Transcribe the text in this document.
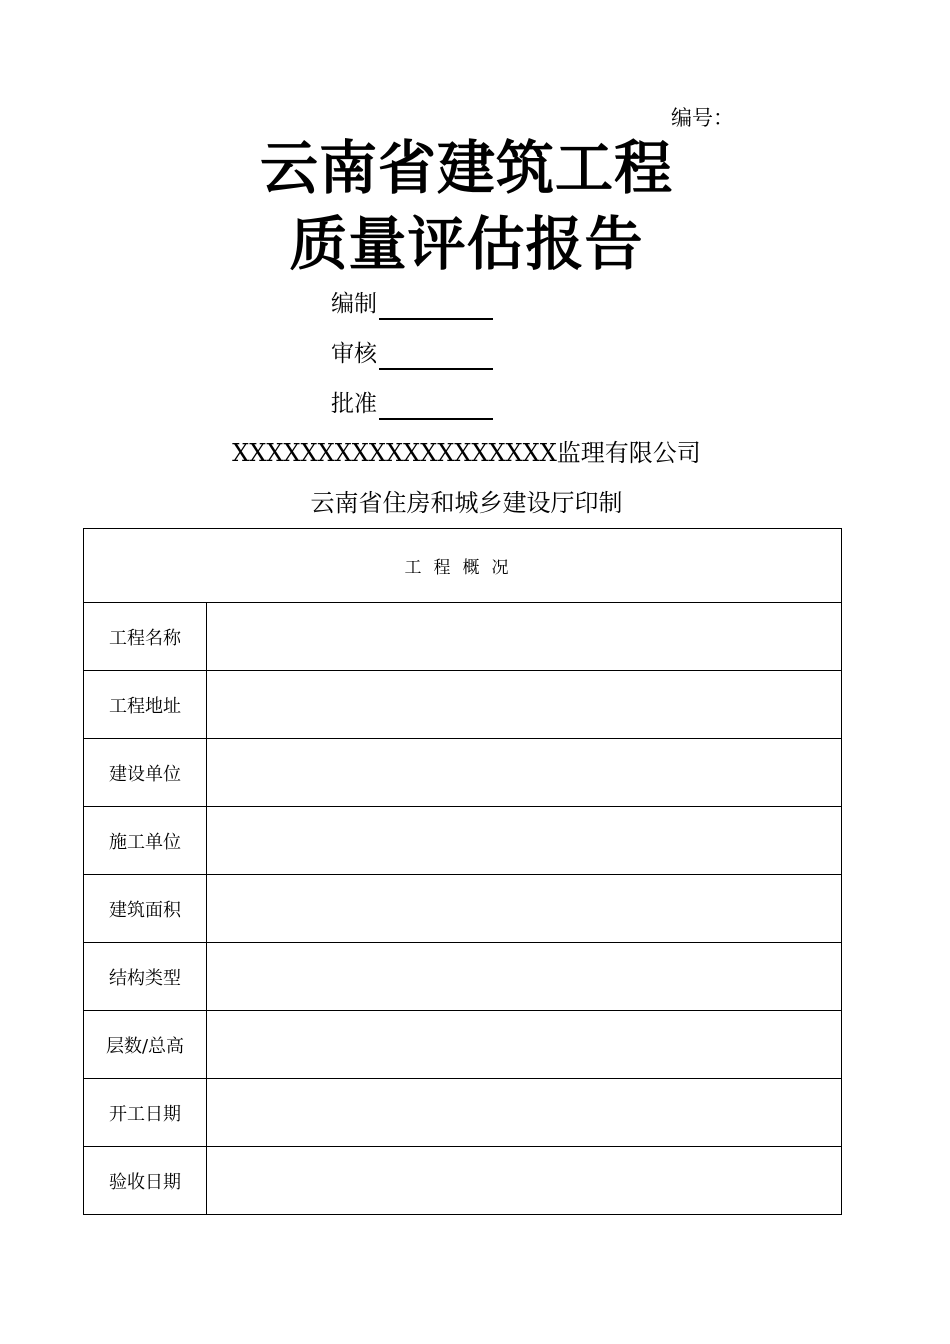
编号：
云南省建筑工程
质量评估报告
编制
审核
批准
XXXXXXXXXXXXXXXXXXX监理有限公司
云南省住房和城乡建设厅印制
工程概况	
工程名称	
工程地址	
建设单位	
施工单位	
建筑面积	
结构类型	
层数/总高	
开工日期	
验收日期	
